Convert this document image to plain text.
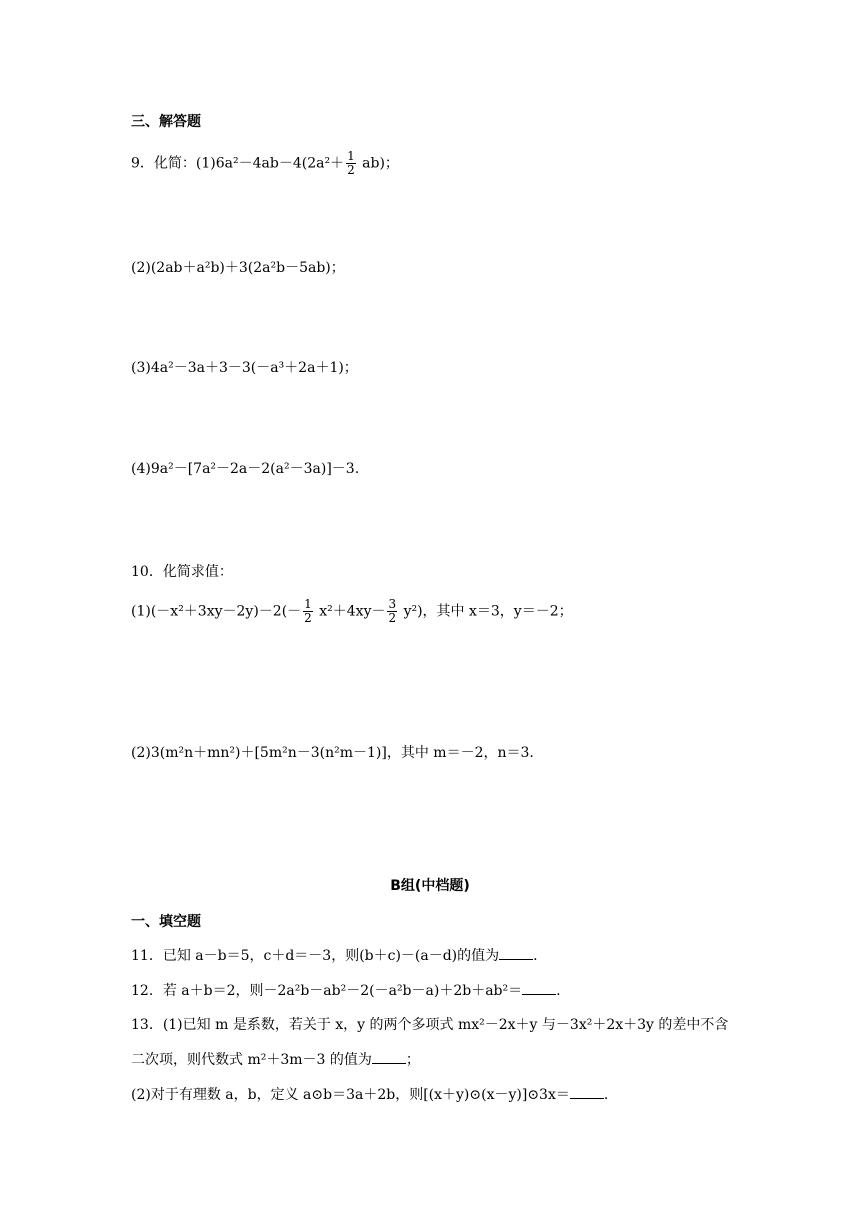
三、解答题
9．化简：$(1)6a^2-4ab-4(2a^2+ \frac{1}{2} ab)$；
(2)(2ab＋a²b)＋3(2a²b－5ab)；
(3)4a²－3a＋3－3(－a³＋2a＋1)；
(4)9a²－[7a²－2a－2(a²－3a)]－3.
10．化简求值：
$(1)(-x^2+3xy-2y)-2(- \frac{1}{2} x^2+4xy- \frac{3}{2} y^2)$，其中 x＝3，y＝－2；
(2)3(m²n＋mn²)＋[5m²n－3(n²m－1)]，其中 m＝－2，n＝3.
B组(中档题)
一、填空题
11．已知 a－b＝5，c＋d＝－3，则(b＋c)－(a－d)的值为 .
12．若 a＋b＝2，则－2a²b－ab²－2(－a²b－a)＋2b＋ab²＝ .
13．(1)已知 m 是系数，若关于 x，y 的两个多项式 mx²－2x＋y 与－3x²＋2x＋3y 的差中不含
二次项，则代数式 m²＋3m－3 的值为 ；
(2)对于有理数 a，b，定义 a⊙b＝3a＋2b，则[(x＋y)⊙(x－y)]⊙3x＝ .
